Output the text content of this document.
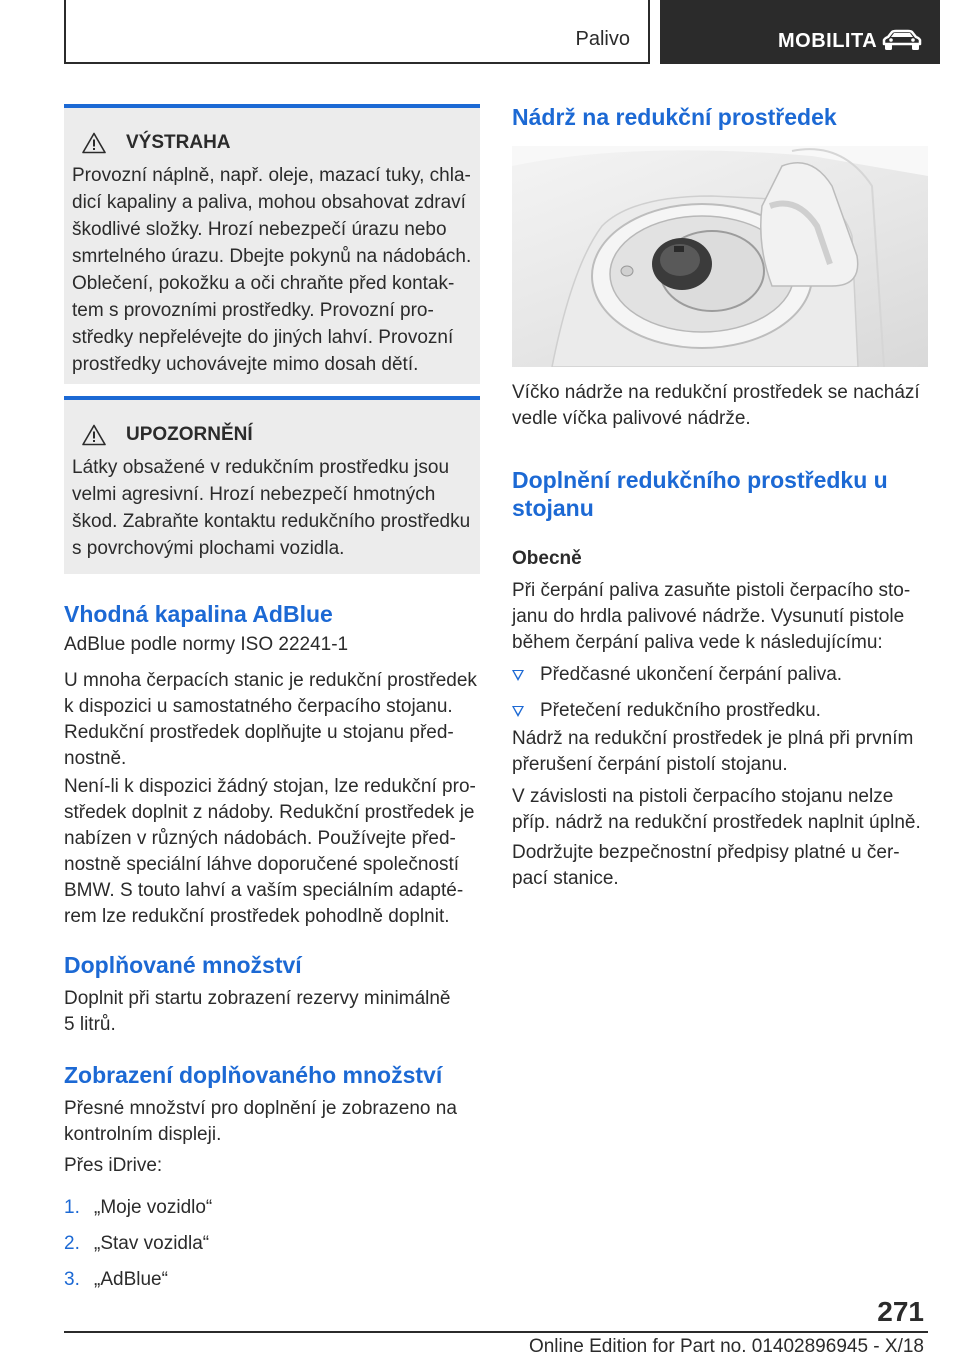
Palivo	MOBILITA
VÝSTRAHA
Provozní náplně, např. oleje, mazací tuky, chla‐
dicí kapaliny a paliva, mohou obsahovat zdraví
škodlivé složky. Hrozí nebezpečí úrazu nebo
smrtelného úrazu. Dbejte pokynů na nádobách.
Oblečení, pokožku a oči chraňte před kontak‐
tem s provozními prostředky. Provozní pro‐
středky nepřelévejte do jiných lahví. Provozní
prostředky uchovávejte mimo dosah dětí.
UPOZORNĚNÍ
Látky obsažené v redukčním prostředku jsou
velmi agresivní. Hrozí nebezpečí hmotných
škod. Zabraňte kontaktu redukčního prostředku
s povrchovými plochami vozidla.
Vhodná kapalina AdBlue
AdBlue podle normy ISO 22241-1
U mnoha čerpacích stanic je redukční prostředek
k dispozici u samostatného čerpacího stojanu.
Redukční prostředek doplňujte u stojanu před‐
nostně.
Není-li k dispozici žádný stojan, lze redukční pro‐
středek doplnit z nádoby. Redukční prostředek je
nabízen v různých nádobách. Používejte před‐
nostně speciální láhve doporučené společností
BMW. S touto lahví a vaším speciálním adapté‐
rem lze redukční prostředek pohodlně doplnit.
Doplňované množství
Doplnit při startu zobrazení rezervy minimálně
5 litrů.
Zobrazení doplňovaného množství
Přesné množství pro doplnění je zobrazeno na
kontrolním displeji.
Přes iDrive:
1. „Moje vozidlo“
2. „Stav vozidla“
3. „AdBlue“
Nádrž na redukční prostředek
Víčko nádrže na redukční prostředek se nachází
vedle víčka palivové nádrže.
Doplnění redukčního prostředku u
stojanu
Obecně
Při čerpání paliva zasuňte pistoli čerpacího sto‐
janu do hrdla palivové nádrže. Vysunutí pistole
během čerpání paliva vede k následujícímu:
Předčasné ukončení čerpání paliva.
Přetečení redukčního prostředku.
Nádrž na redukční prostředek je plná při prvním
přerušení čerpání pistolí stojanu.
V závislosti na pistoli čerpacího stojanu nelze
příp. nádrž na redukční prostředek naplnit úplně.
Dodržujte bezpečnostní předpisy platné u čer‐
pací stanice.
271
Online Edition for Part no. 01402896945 - X/18
